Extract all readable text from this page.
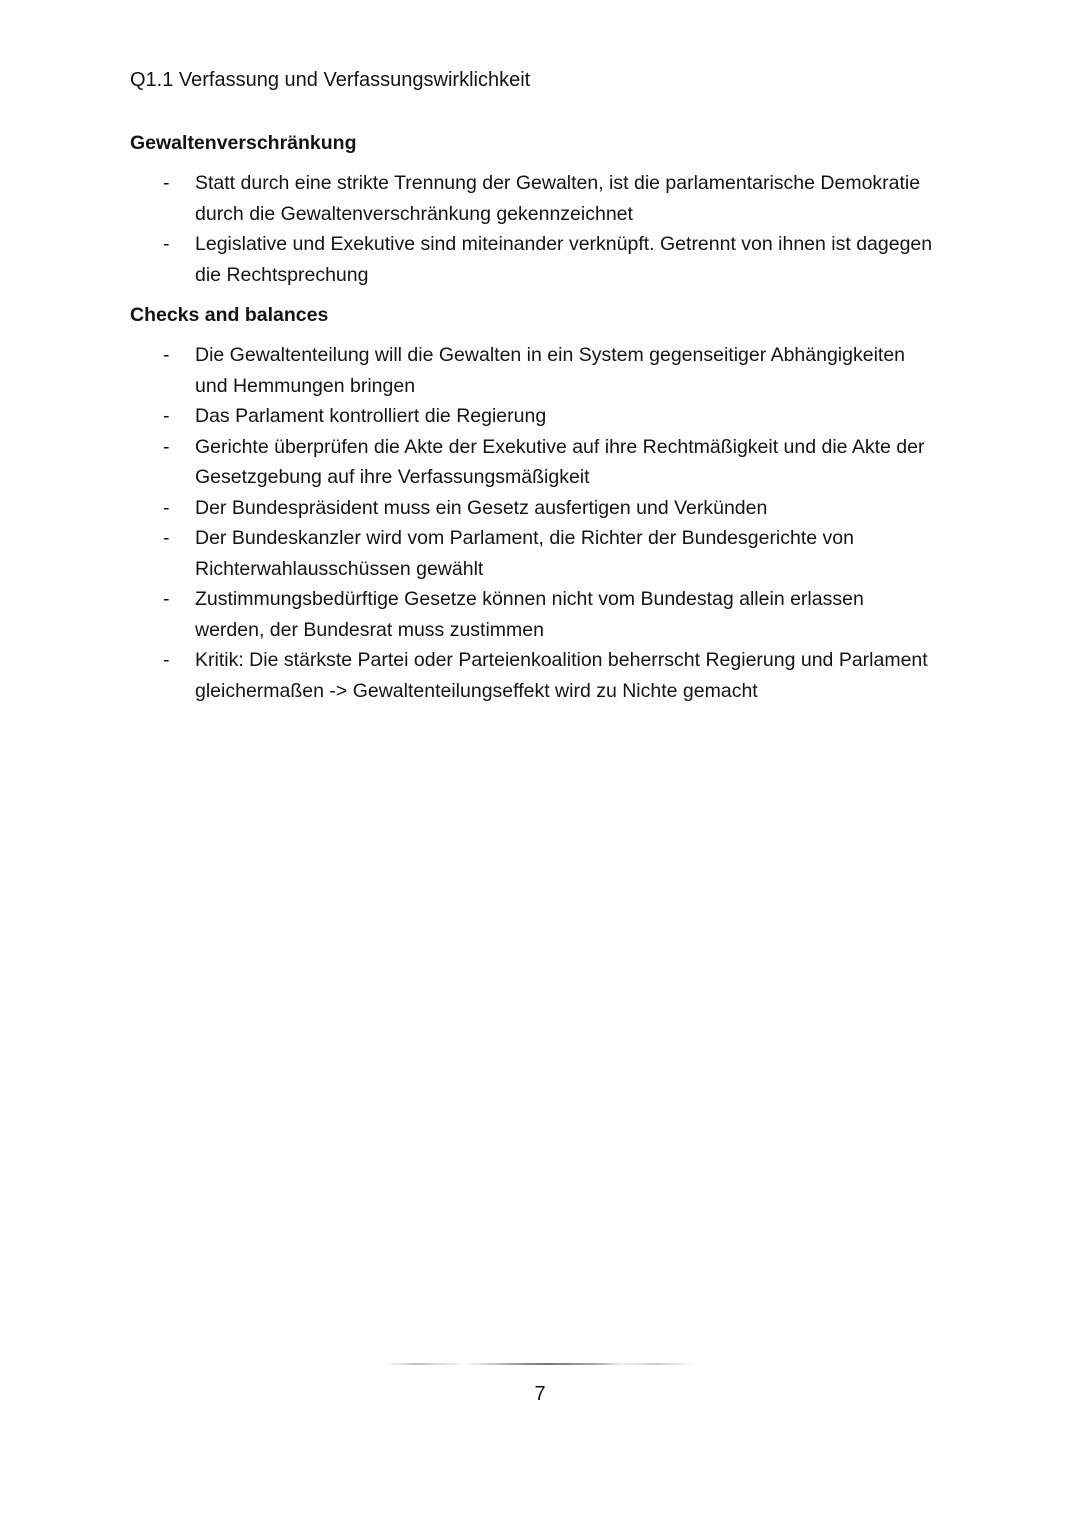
Q1.1 Verfassung und Verfassungswirklichkeit
Gewaltenverschränkung
- Statt durch eine strikte Trennung der Gewalten, ist die parlamentarische Demokratie
durch die Gewaltenverschränkung gekennzeichnet
- Legislative und Exekutive sind miteinander verknüpft. Getrennt von ihnen ist dagegen
die Rechtsprechung
Checks and balances
- Die Gewaltenteilung will die Gewalten in ein System gegenseitiger Abhängigkeiten
und Hemmungen bringen
- Das Parlament kontrolliert die Regierung
- Gerichte überprüfen die Akte der Exekutive auf ihre Rechtmäßigkeit und die Akte der
Gesetzgebung auf ihre Verfassungsmäßigkeit
- Der Bundespräsident muss ein Gesetz ausfertigen und Verkünden
- Der Bundeskanzler wird vom Parlament, die Richter der Bundesgerichte von
Richterwahlausschüssen gewählt
- Zustimmungsbedürftige Gesetze können nicht vom Bundestag allein erlassen
werden, der Bundesrat muss zustimmen
- Kritik: Die stärkste Partei oder Parteienkoalition beherrscht Regierung und Parlament
gleichermaßen -> Gewaltenteilungseffekt wird zu Nichte gemacht
7
